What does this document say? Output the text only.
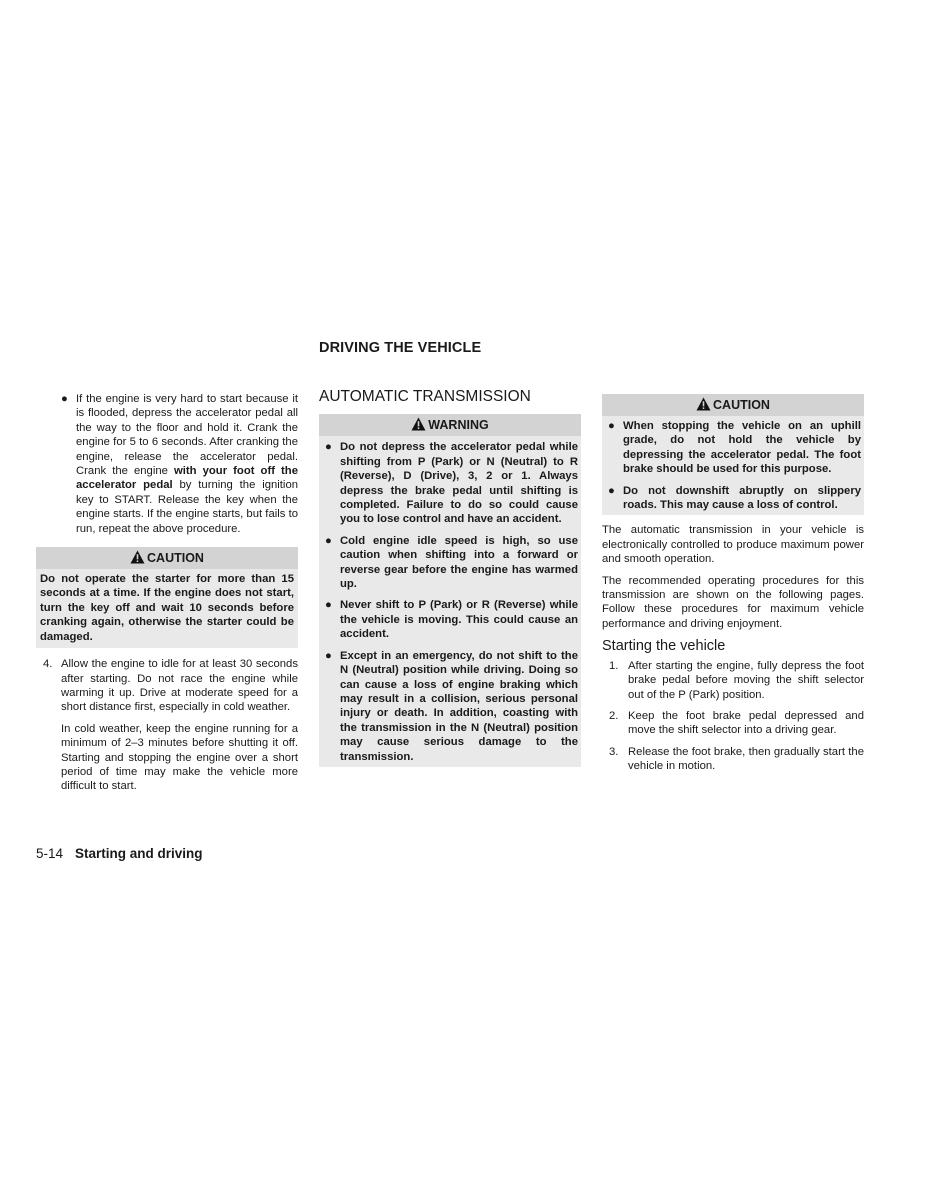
DRIVING THE VEHICLE
● If the engine is very hard to start because it is flooded, depress the accelerator pedal all the way to the floor and hold it. Crank the engine for 5 to 6 seconds. After cranking the engine, release the accelerator pedal. Crank the engine with your foot off the accelerator pedal by turning the ignition key to START. Release the key when the engine starts. If the engine starts, but fails to run, repeat the above procedure.
CAUTION
Do not operate the starter for more than 15 seconds at a time. If the engine does not start, turn the key off and wait 10 seconds before cranking again, otherwise the starter could be damaged.
4. Allow the engine to idle for at least 30 seconds after starting. Do not race the engine while warming it up. Drive at moderate speed for a short distance first, especially in cold weather.

In cold weather, keep the engine running for a minimum of 2–3 minutes before shutting it off. Starting and stopping the engine over a short period of time may make the vehicle more difficult to start.

AUTOMATIC TRANSMISSION
WARNING
● Do not depress the accelerator pedal while shifting from P (Park) or N (Neutral) to R (Reverse), D (Drive), 3, 2 or 1. Always depress the brake pedal until shifting is completed. Failure to do so could cause you to lose control and have an accident.
● Cold engine idle speed is high, so use caution when shifting into a forward or reverse gear before the engine has warmed up.
● Never shift to P (Park) or R (Reverse) while the vehicle is moving. This could cause an accident.
● Except in an emergency, do not shift to the N (Neutral) position while driving. Doing so can cause a loss of engine braking which may result in a collision, serious personal injury or death. In addition, coasting with the transmission in the N (Neutral) position may cause serious damage to the transmission.
CAUTION
● When stopping the vehicle on an uphill grade, do not hold the vehicle by depressing the accelerator pedal. The foot brake should be used for this purpose.
● Do not downshift abruptly on slippery roads. This may cause a loss of control.

The automatic transmission in your vehicle is electronically controlled to produce maximum power and smooth operation.

The recommended operating procedures for this transmission are shown on the following pages. Follow these procedures for maximum vehicle performance and driving enjoyment.

Starting the vehicle
1. After starting the engine, fully depress the foot brake pedal before moving the shift selector out of the P (Park) position.
2. Keep the foot brake pedal depressed and move the shift selector into a driving gear.
3. Release the foot brake, then gradually start the vehicle in motion.
5-14 Starting and driving
